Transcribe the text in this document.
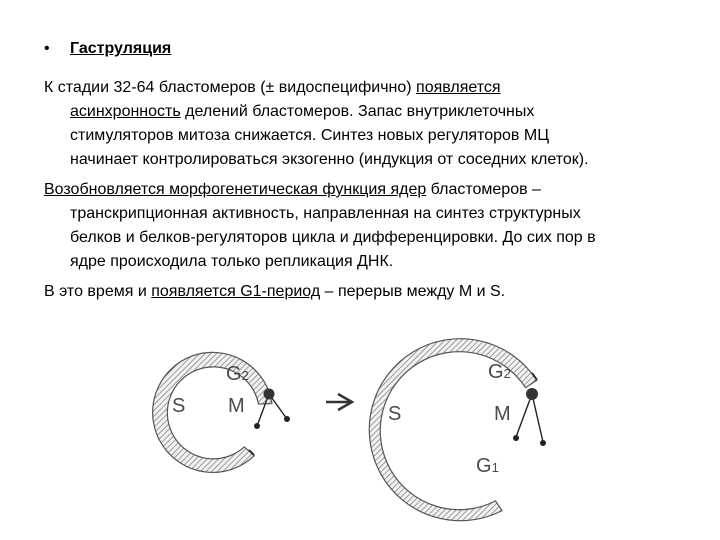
•	Гаструляция
К стадии 32-64 бластомеров (± видоспецифично) появляется
асинхронность делений бластомеров. Запас внутриклеточных
стимуляторов митоза снижается. Синтез новых регуляторов МЦ
начинает контролироваться экзогенно (индукция от соседних клеток).
Возобновляется морфогенетическая функция ядер бластомеров –
транскрипционная активность, направленная на синтез структурных
белков и белков-регуляторов цикла и дифференцировки. До сих пор в
ядре происходила только репликация ДНК.
В это время и появляется G1-период – перерыв между М и S.
G2
S M
G2
S	M
G1
